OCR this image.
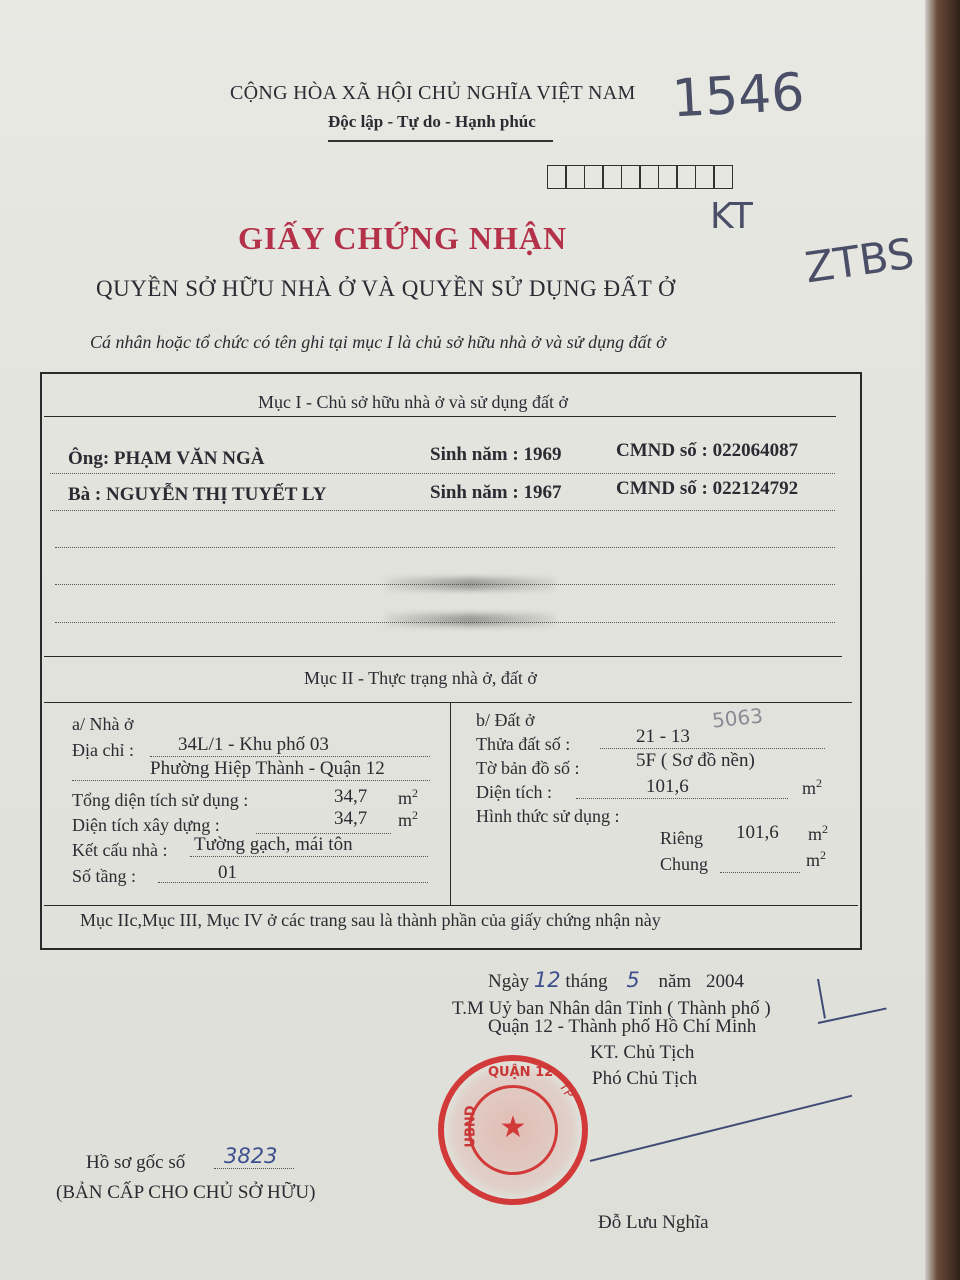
CỘNG HÒA XÃ HỘI CHỦ NGHĨA VIỆT NAM
Độc lập - Tự do - Hạnh phúc	1546
KT
ZTBS
GIẤY CHỨNG NHẬN
QUYỀN SỞ HỮU NHÀ Ở VÀ QUYỀN SỬ DỤNG ĐẤT Ở
Cá nhân hoặc tổ chức có tên ghi tại mục I là chủ sở hữu nhà ở và sử dụng đất ở
Mục I - Chủ sở hữu nhà ở và sử dụng đất ở
Ông: PHẠM VĂN NGÀ	Sinh năm : 1969	CMND số : 022064087
Bà : NGUYỄN THỊ TUYẾT LY	Sinh năm : 1967	CMND số : 022124792
Mục II - Thực trạng nhà ở, đất ở
a/ Nhà ở
Địa chỉ : 34L/1 - Khu phố 03
Phường Hiệp Thành - Quận 12
Tổng diện tích sử dụng :	34,7 $m^2$
Diện tích xây dựng :	34,7 $m^2$
Kết cấu nhà : Tường gạch, mái tôn
Số tầng :	01
b/ Đất ở	5063
Thửa đất số :	21 - 13
Tờ bản đồ số :	5F ( Sơ đồ nền)
Diện tích :	101,6	$m^2$
Hình thức sử dụng :
Riêng 101,6 $m^2$
Chung	$m^2$
Mục IIc,Mục III, Mục IV ở các trang sau là thành phần của giấy chứng nhận này
Ngày 12 tháng 5 năm 2004
T.M Uỷ ban Nhân dân Tỉnh ( Thành phố )
Quận 12 - Thành phố Hồ Chí Minh
KT. Chủ Tịch
Phó Chủ Tịch
Đỗ Lưu Nghĩa
★
QUẬN 12
UBND
TP
Hồ sơ gốc số 3823
(BẢN CẤP CHO CHỦ SỞ HỮU)
